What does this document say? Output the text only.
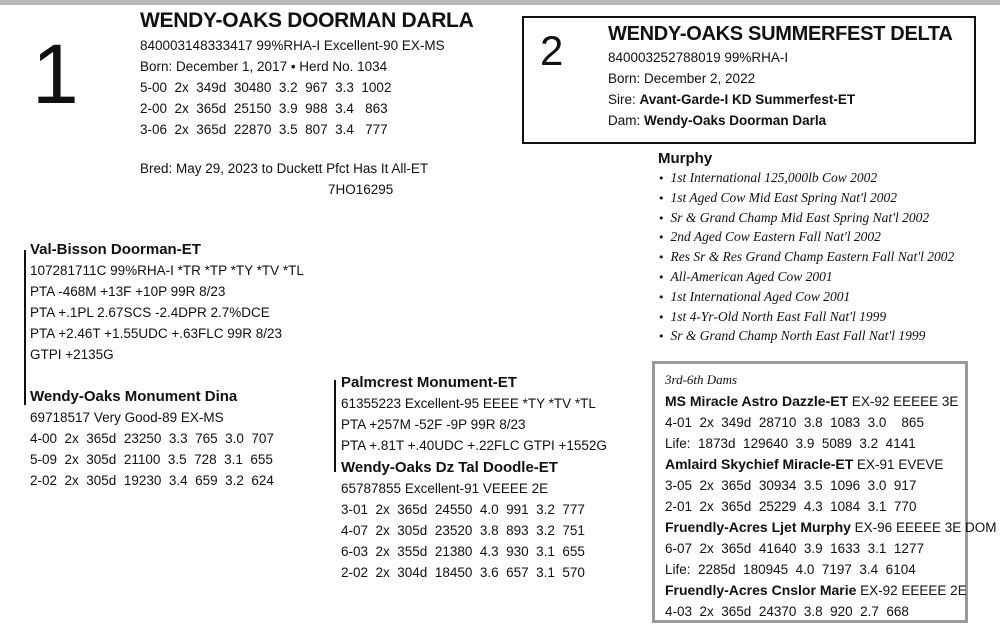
1
WENDY-OAKS DOORMAN DARLA
840003148333417 99%RHA-I Excellent-90 EX-MS
Born: December 1, 2017 • Herd No. 1034
5-00  2x  349d  30480  3.2  967  3.3  1002
2-00  2x  365d  25150  3.9  988  3.4   863
3-06  2x  365d  22870  3.5  807  3.4   777
Bred: May 29, 2023 to Duckett Pfct Has It All-ET
7HO16295
2 WENDY-OAKS SUMMERFEST DELTA
840003252788019 99%RHA-I
Born: December 2, 2022
Sire: Avant-Garde-I KD Summerfest-ET
Dam: Wendy-Oaks Doorman Darla
Murphy
• 1st International 125,000lb Cow 2002
• 1st Aged Cow Mid East Spring Nat'l 2002
• Sr & Grand Champ Mid East Spring Nat'l 2002
• 2nd Aged Cow Eastern Fall Nat'l 2002
• Res Sr & Res Grand Champ Eastern Fall Nat'l 2002
• All-American Aged Cow 2001
• 1st International Aged Cow 2001
• 1st 4-Yr-Old North East Fall Nat'l 1999
• Sr & Grand Champ North East Fall Nat'l 1999
Val-Bisson Doorman-ET
107281711C 99%RHA-I *TR *TP *TY *TV *TL
PTA -468M +13F +10P 99R 8/23
PTA +.1PL 2.67SCS -2.4DPR 2.7%DCE
PTA +2.46T +1.55UDC +.63FLC 99R 8/23
GTPI +2135G
Wendy-Oaks Monument Dina
69718517 Very Good-89 EX-MS
4-00  2x  365d  23250  3.3  765  3.0  707
5-09  2x  305d  21100  3.5  728  3.1  655
2-02  2x  305d  19230  3.4  659  3.2  624
Palmcrest Monument-ET
61355223 Excellent-95 EEEE *TY *TV *TL
PTA +257M -52F -9P 99R 8/23
PTA +.81T +.40UDC +.22FLC GTPI +1552G
Wendy-Oaks Dz Tal Doodle-ET
65787855 Excellent-91 VEEEE 2E
3-01  2x  365d  24550  4.0  991  3.2  777
4-07  2x  305d  23520  3.8  893  3.2  751
6-03  2x  355d  21380  4.3  930  3.1  655
2-02  2x  304d  18450  3.6  657  3.1  570
3rd-6th Dams
MS Miracle Astro Dazzle-ET EX-92 EEEEE 3E
4-01  2x  349d  28710  3.8  1083  3.0    865
Life:  1873d  129640  3.9  5089  3.2  4141
Amlaird Skychief Miracle-ET EX-91 EVEVE
3-05  2x  365d  30934  3.5  1096  3.0  917
2-01  2x  365d  25229  4.3  1084  3.1  770
Fruendly-Acres Ljet Murphy EX-96 EEEEE 3E DOM
6-07  2x  365d  41640  3.9  1633  3.1  1277
Life:  2285d  180945  4.0  7197  3.4  6104
Fruendly-Acres Cnslor Marie EX-92 EEEEE 2E
4-03  2x  365d  24370  3.8  920  2.7  668
